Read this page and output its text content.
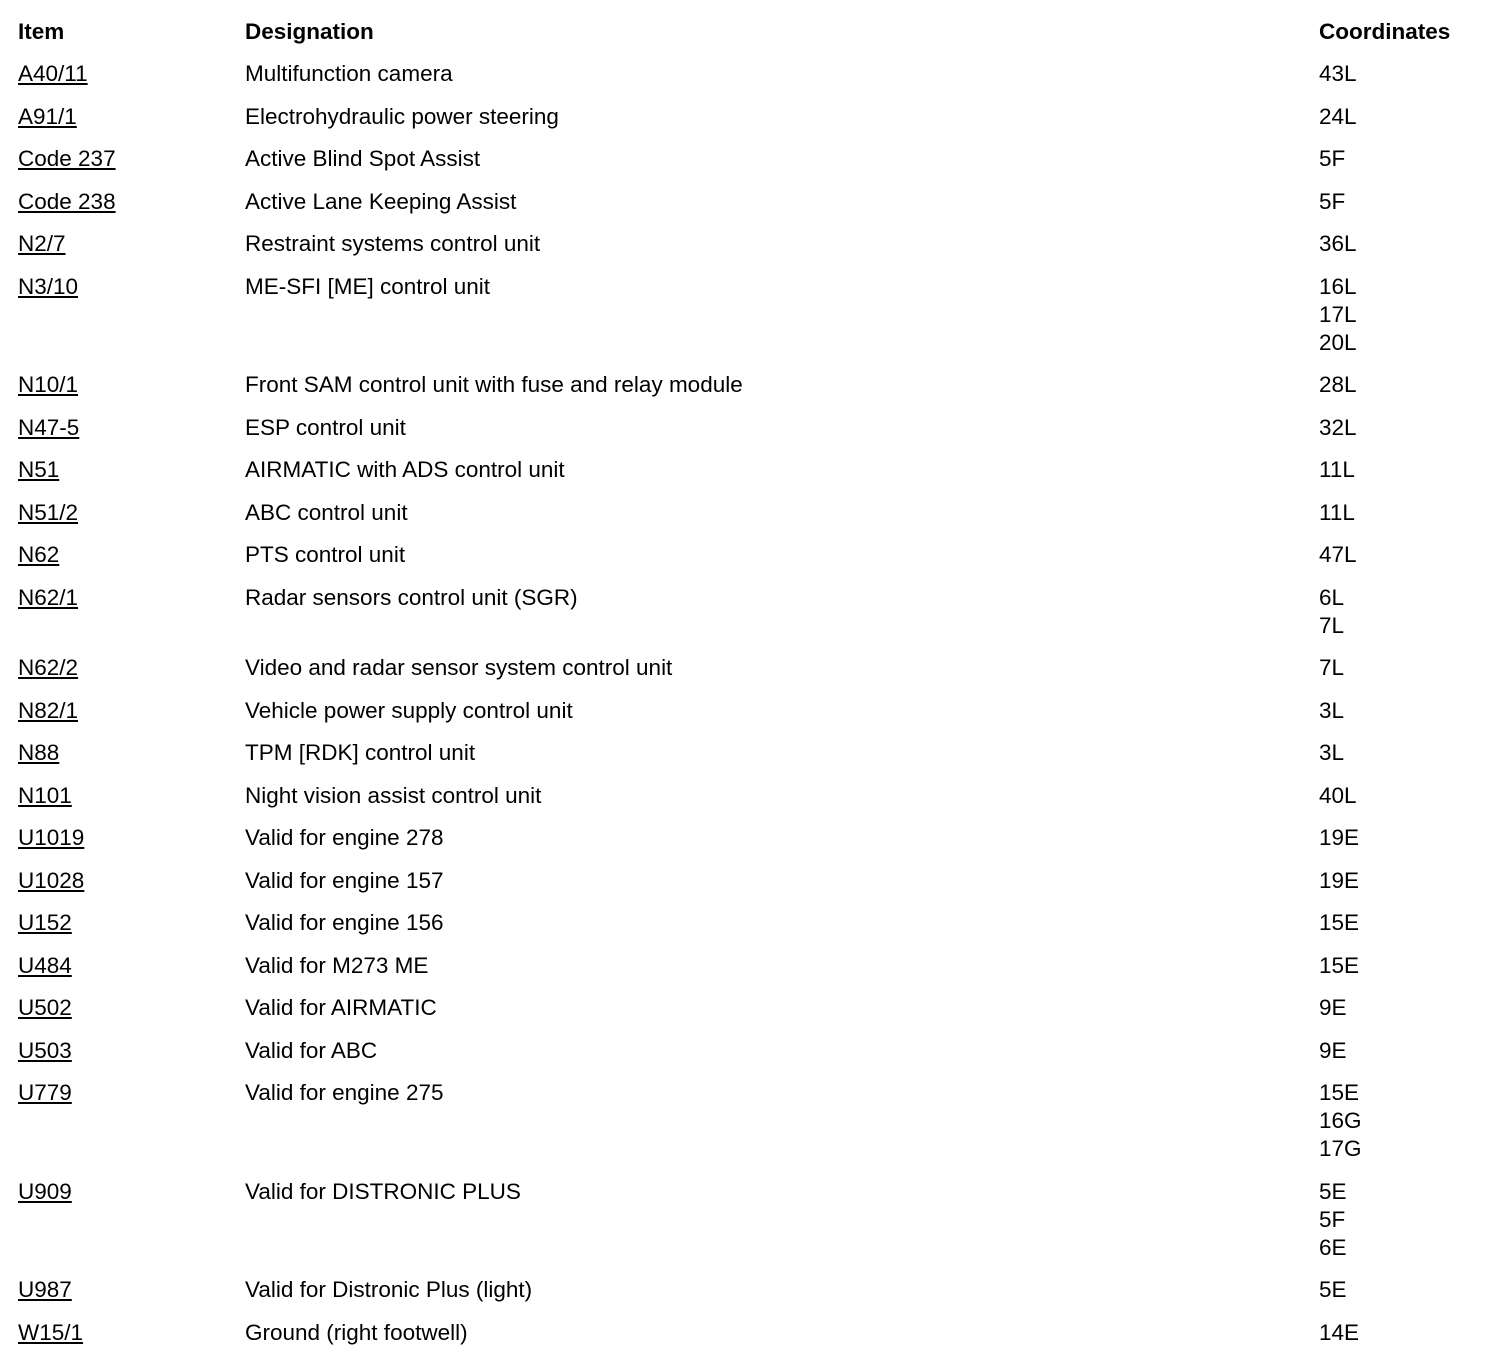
Item	Designation	Coordinates
A40/11	Multifunction camera	43L

A91/1	Electrohydraulic power steering	24L

Code 237	Active Blind Spot Assist	5F

Code 238	Active Lane Keeping Assist	5F

N2/7	Restraint systems control unit	36L

N3/10	ME-SFI [ME] control unit	16L
17L
20L

N10/1	Front SAM control unit with fuse and relay module	28L

N47-5	ESP control unit	32L

N51	AIRMATIC with ADS control unit	11L

N51/2	ABC control unit	11L

N62	PTS control unit	47L

N62/1	Radar sensors control unit (SGR)	6L
7L

N62/2	Video and radar sensor system control unit	7L

N82/1	Vehicle power supply control unit	3L

N88	TPM [RDK] control unit	3L

N101	Night vision assist control unit	40L

U1019	Valid for engine 278	19E

U1028	Valid for engine 157	19E

U152	Valid for engine 156	15E

U484	Valid for M273 ME	15E

U502	Valid for AIRMATIC	9E

U503	Valid for ABC	9E

U779	Valid for engine 275	15E
16G
17G

U909	Valid for DISTRONIC PLUS	5E
5F
6E

U987	Valid for Distronic Plus (light)	5E

W15/1	Ground (right footwell)	14E
